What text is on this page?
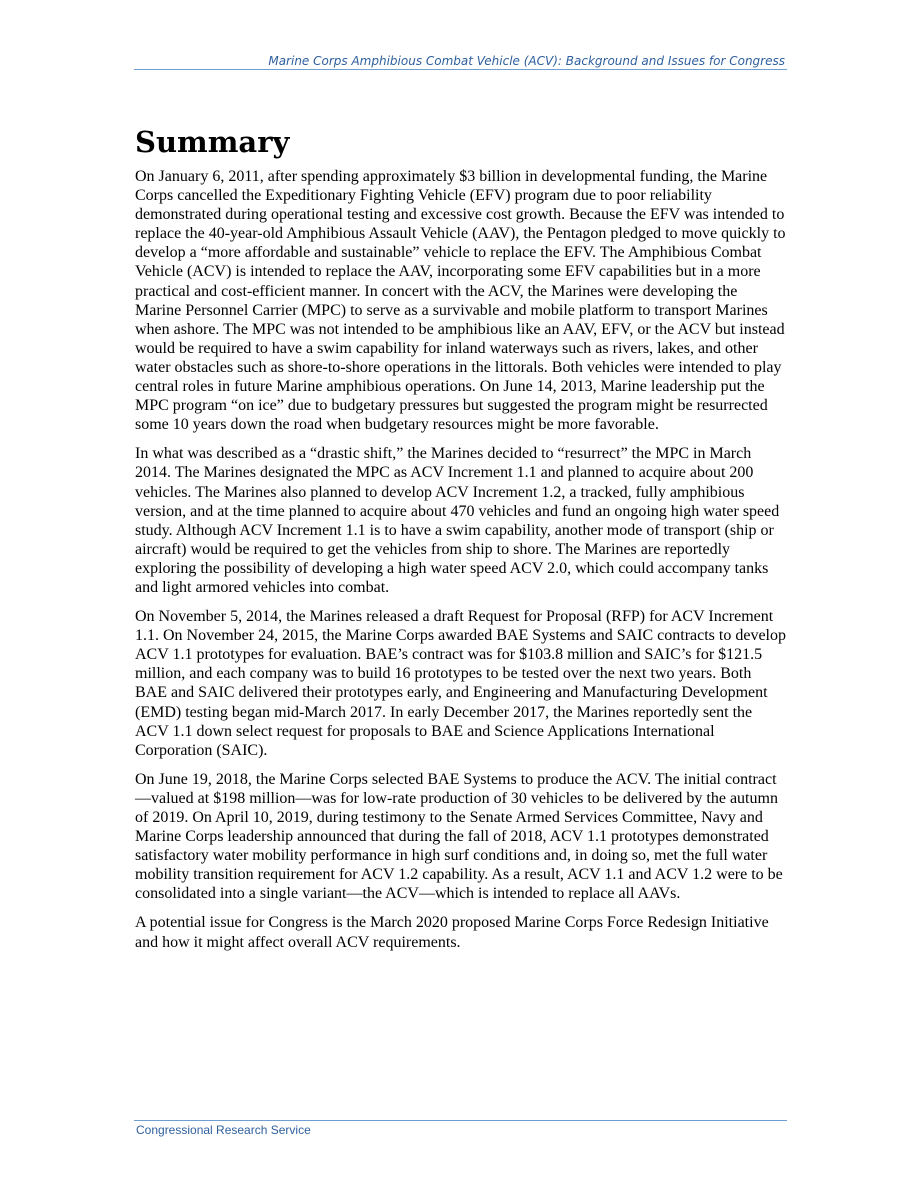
Marine Corps Amphibious Combat Vehicle (ACV): Background and Issues for Congress
Summary

On January 6, 2011, after spending approximately $3 billion in developmental funding, the Marine Corps cancelled the Expeditionary Fighting Vehicle (EFV) program due to poor reliability demonstrated during operational testing and excessive cost growth. Because the EFV was intended to replace the 40-year-old Amphibious Assault Vehicle (AAV), the Pentagon pledged to move quickly to develop a “more affordable and sustainable” vehicle to replace the EFV. The Amphibious Combat Vehicle (ACV) is intended to replace the AAV, incorporating some EFV capabilities but in a more practical and cost-efficient manner. In concert with the ACV, the Marines were developing the Marine Personnel Carrier (MPC) to serve as a survivable and mobile platform to transport Marines when ashore. The MPC was not intended to be amphibious like an AAV, EFV, or the ACV but instead would be required to have a swim capability for inland waterways such as rivers, lakes, and other water obstacles such as shore-to-shore operations in the littorals. Both vehicles were intended to play central roles in future Marine amphibious operations. On June 14, 2013, Marine leadership put the MPC program “on ice” due to budgetary pressures but suggested the program might be resurrected some 10 years down the road when budgetary resources might be more favorable.

In what was described as a “drastic shift,” the Marines decided to “resurrect” the MPC in March 2014. The Marines designated the MPC as ACV Increment 1.1 and planned to acquire about 200 vehicles. The Marines also planned to develop ACV Increment 1.2, a tracked, fully amphibious version, and at the time planned to acquire about 470 vehicles and fund an ongoing high water speed study. Although ACV Increment 1.1 is to have a swim capability, another mode of transport (ship or aircraft) would be required to get the vehicles from ship to shore. The Marines are reportedly exploring the possibility of developing a high water speed ACV 2.0, which could accompany tanks and light armored vehicles into combat.

On November 5, 2014, the Marines released a draft Request for Proposal (RFP) for ACV Increment 1.1. On November 24, 2015, the Marine Corps awarded BAE Systems and SAIC contracts to develop ACV 1.1 prototypes for evaluation. BAE’s contract was for $103.8 million and SAIC’s for $121.5 million, and each company was to build 16 prototypes to be tested over the next two years. Both BAE and SAIC delivered their prototypes early, and Engineering and Manufacturing Development (EMD) testing began mid-March 2017. In early December 2017, the Marines reportedly sent the ACV 1.1 down select request for proposals to BAE and Science Applications International Corporation (SAIC).

On June 19, 2018, the Marine Corps selected BAE Systems to produce the ACV. The initial contract—valued at $198 million—was for low-rate production of 30 vehicles to be delivered by the autumn of 2019. On April 10, 2019, during testimony to the Senate Armed Services Committee, Navy and Marine Corps leadership announced that during the fall of 2018, ACV 1.1 prototypes demonstrated satisfactory water mobility performance in high surf conditions and, in doing so, met the full water mobility transition requirement for ACV 1.2 capability. As a result, ACV 1.1 and ACV 1.2 were to be consolidated into a single variant—the ACV—which is intended to replace all AAVs.

A potential issue for Congress is the March 2020 proposed Marine Corps Force Redesign Initiative and how it might affect overall ACV requirements.

Congressional Research Service
